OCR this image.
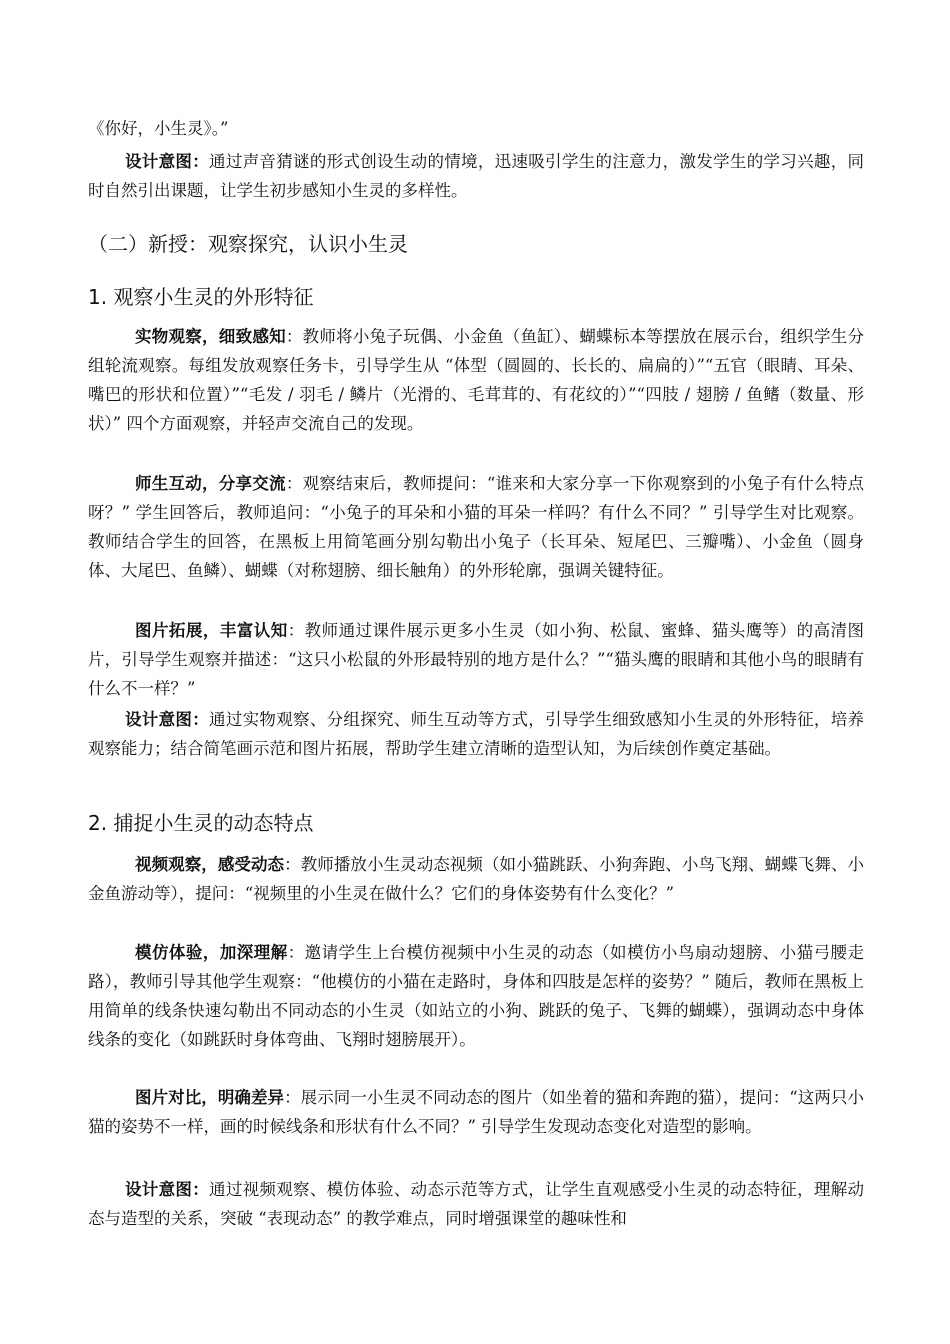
《你好，小生灵》。”

设计意图：通过声音猜谜的形式创设生动的情境，迅速吸引学生的注意力，激发学生的学习兴趣，同时自然引出课题，让学生初步感知小生灵的多样性。

（二）新授：观察探究，认识小生灵
1. 观察小生灵的外形特征

实物观察，细致感知：教师将小兔子玩偶、小金鱼（鱼缸）、蝴蝶标本等摆放在展示台，组织学生分组轮流观察。每组发放观察任务卡，引导学生从 “体型（圆圆的、长长的、扁扁的）”“五官（眼睛、耳朵、嘴巴的形状和位置）”“毛发 / 羽毛 / 鳞片（光滑的、毛茸茸的、有花纹的）”“四肢 / 翅膀 / 鱼鳍（数量、形状）” 四个方面观察，并轻声交流自己的发现。

师生互动，分享交流：观察结束后，教师提问：“谁来和大家分享一下你观察到的小兔子有什么特点呀？” 学生回答后，教师追问：“小兔子的耳朵和小猫的耳朵一样吗？有什么不同？” 引导学生对比观察。教师结合学生的回答，在黑板上用简笔画分别勾勒出小兔子（长耳朵、短尾巴、三瓣嘴）、小金鱼（圆身体、大尾巴、鱼鳞）、蝴蝶（对称翅膀、细长触角）的外形轮廓，强调关键特征。

图片拓展，丰富认知：教师通过课件展示更多小生灵（如小狗、松鼠、蜜蜂、猫头鹰等）的高清图片，引导学生观察并描述：“这只小松鼠的外形最特别的地方是什么？”“猫头鹰的眼睛和其他小鸟的眼睛有什么不一样？”

设计意图：通过实物观察、分组探究、师生互动等方式，引导学生细致感知小生灵的外形特征，培养观察能力；结合简笔画示范和图片拓展，帮助学生建立清晰的造型认知，为后续创作奠定基础。

2. 捕捉小生灵的动态特点

视频观察，感受动态：教师播放小生灵动态视频（如小猫跳跃、小狗奔跑、小鸟飞翔、蝴蝶飞舞、小金鱼游动等），提问：“视频里的小生灵在做什么？它们的身体姿势有什么变化？”

模仿体验，加深理解：邀请学生上台模仿视频中小生灵的动态（如模仿小鸟扇动翅膀、小猫弓腰走路），教师引导其他学生观察：“他模仿的小猫在走路时，身体和四肢是怎样的姿势？” 随后，教师在黑板上用简单的线条快速勾勒出不同动态的小生灵（如站立的小狗、跳跃的兔子、飞舞的蝴蝶），强调动态中身体线条的变化（如跳跃时身体弯曲、飞翔时翅膀展开）。

图片对比，明确差异：展示同一小生灵不同动态的图片（如坐着的猫和奔跑的猫），提问：“这两只小猫的姿势不一样，画的时候线条和形状有什么不同？” 引导学生发现动态变化对造型的影响。

设计意图：通过视频观察、模仿体验、动态示范等方式，让学生直观感受小生灵的动态特征，理解动态与造型的关系，突破 “表现动态” 的教学难点，同时增强课堂的趣味性和
